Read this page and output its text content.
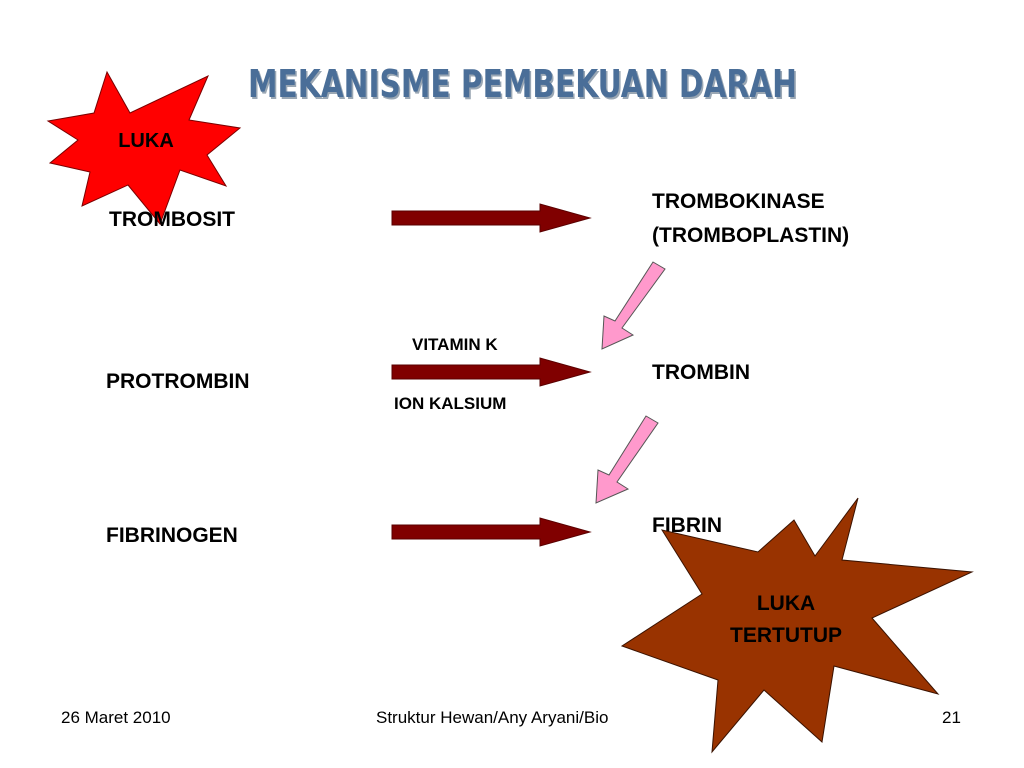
LUKA
MEKANISME PEMBEKUAN DARAH
TROMBOSIT
PROTROMBIN
FIBRINOGEN
TROMBOKINASE
(TROMBOPLASTIN)
TROMBIN
FIBRIN
VITAMIN K
ION KALSIUM
LUKA
TERTUTUP
26 Maret 2010	Struktur Hewan/Any Aryani/Bio	21
